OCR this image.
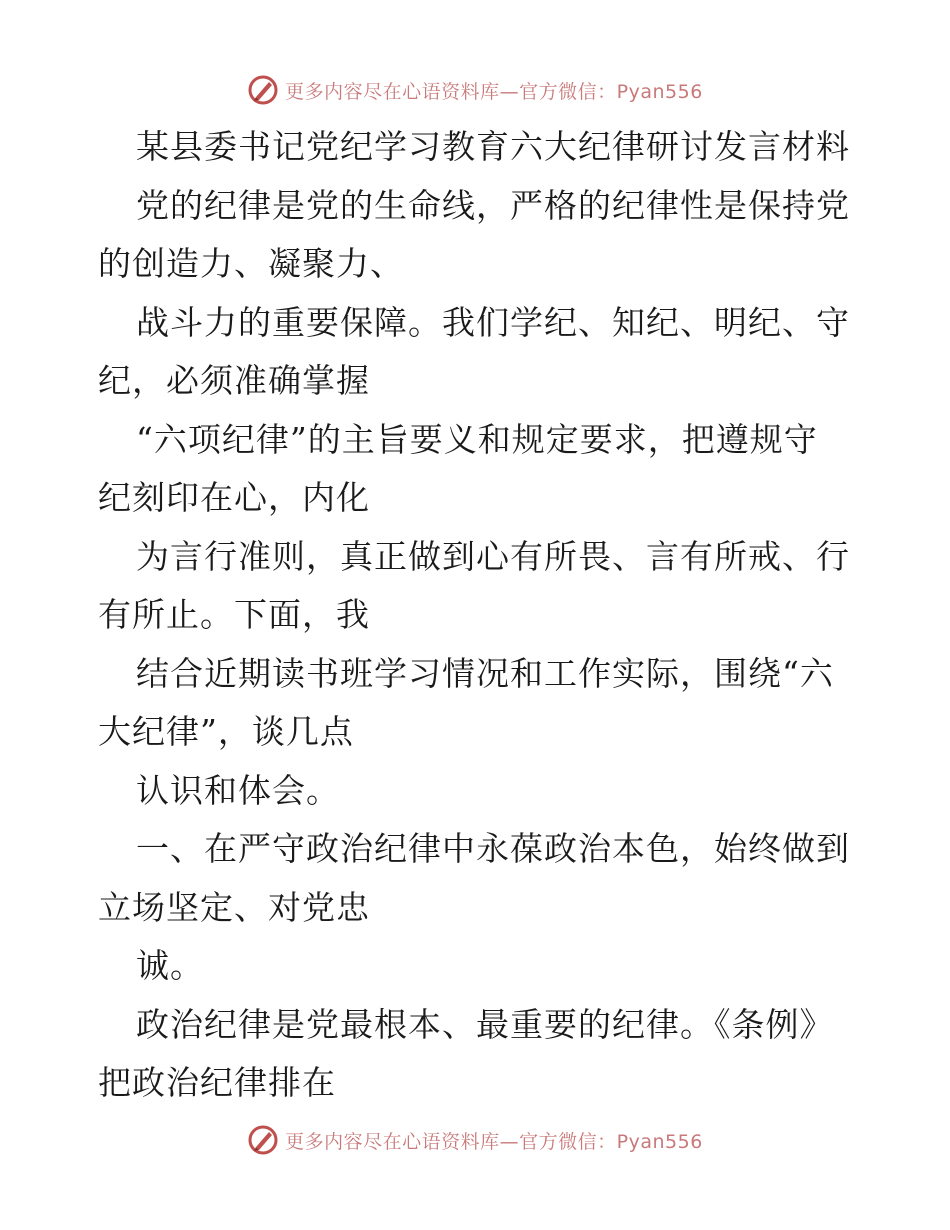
更多内容尽在心语资料库—官方微信：Pyan556
某县委书记党纪学习教育六大纪律研讨发言材料
党的纪律是党的生命线，严格的纪律性是保持党
的创造力、凝聚力、
战斗力的重要保障。我们学纪、知纪、明纪、守
纪，必须准确掌握
“六项纪律”的主旨要义和规定要求，把遵规守
纪刻印在心，内化
为言行准则，真正做到心有所畏、言有所戒、行
有所止。下面，我
结合近期读书班学习情况和工作实际，围绕“六
大纪律”，谈几点
认识和体会。
一、在严守政治纪律中永葆政治本色，始终做到
立场坚定、对党忠
诚。
政治纪律是党最根本、最重要的纪律。《条例》
把政治纪律排在
更多内容尽在心语资料库—官方微信：Pyan556
